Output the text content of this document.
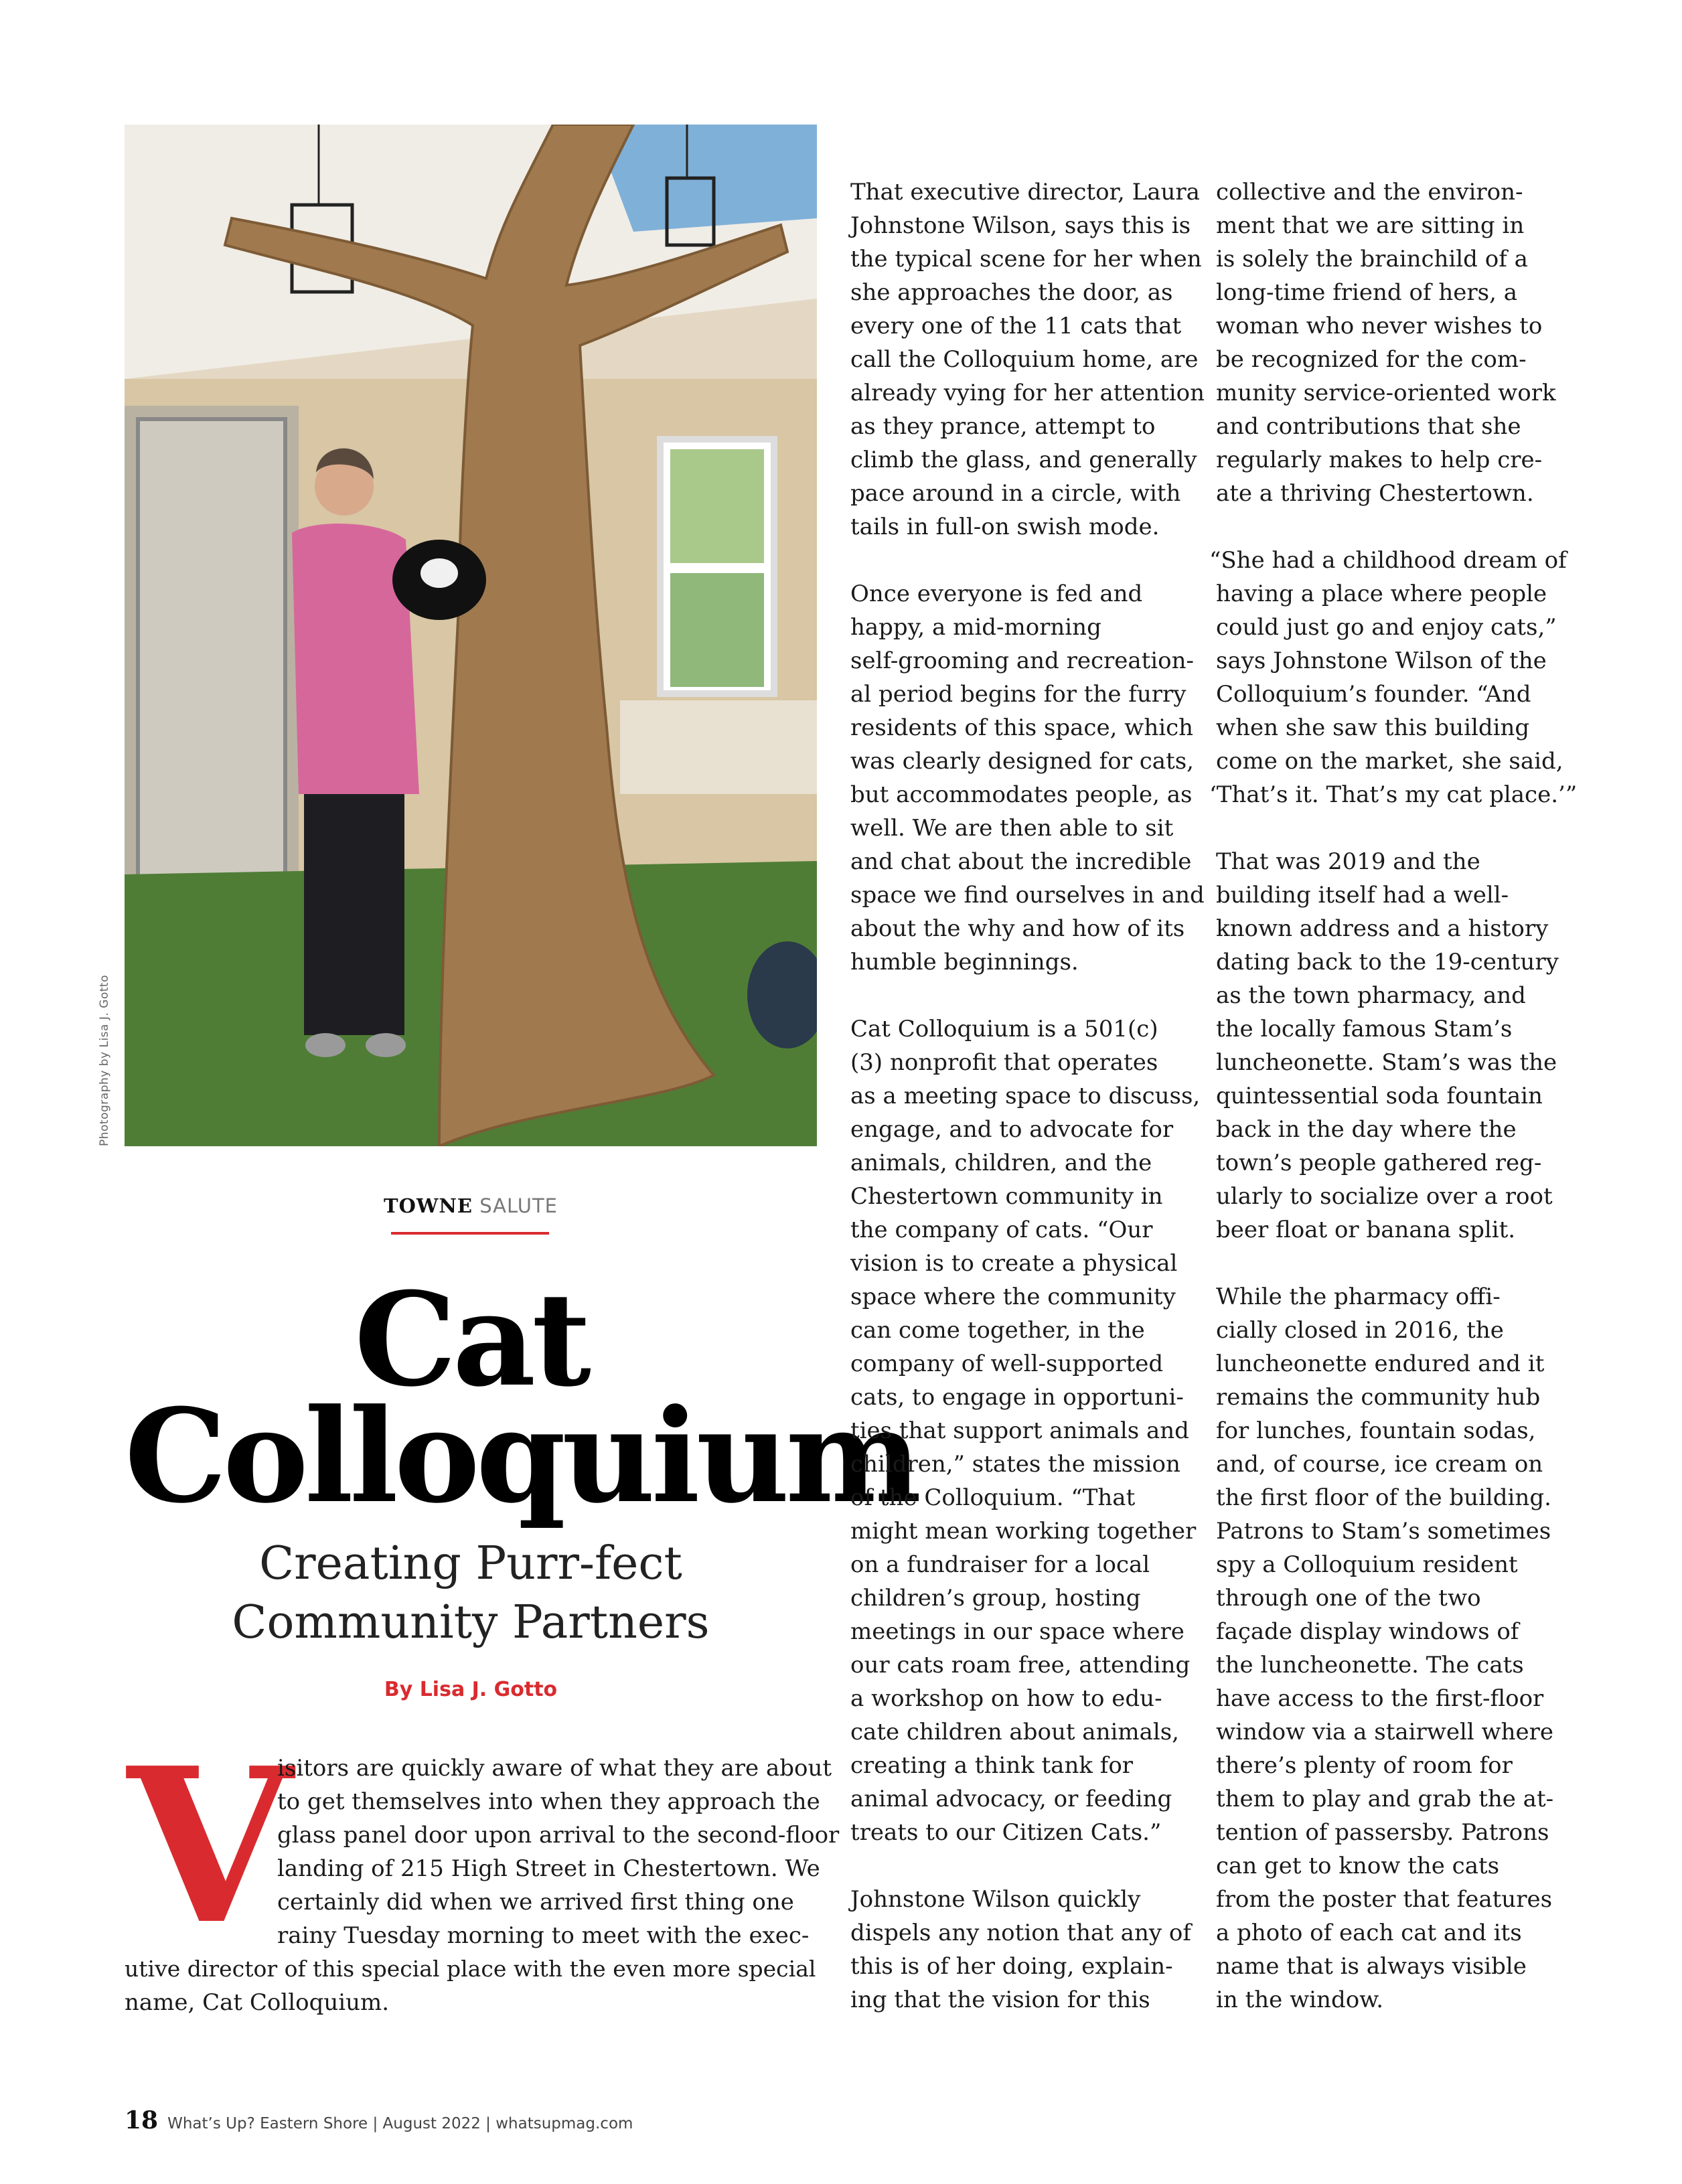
Photography by Lisa J. Gotto
TOWNE SALUTE
Cat
Colloquium
Creating Purr-fect
Community Partners
By Lisa J. Gotto
V
isitors are quickly aware of what they are about
to get themselves into when they approach the
glass panel door upon arrival to the second-floor
landing of 215 High Street in Chestertown. We
certainly did when we arrived first thing one
rainy Tuesday morning to meet with the exec-
utive director of this special place with the even more special
name, Cat Colloquium.
That executive director, Laura
Johnstone Wilson, says this is
the typical scene for her when
she approaches the door, as
every one of the 11 cats that
call the Colloquium home, are
already vying for her attention
as they prance, attempt to
climb the glass, and generally
pace around in a circle, with
tails in full-on swish mode.
Once everyone is fed and
happy, a mid-morning
self-grooming and recreation-
al period begins for the furry
residents of this space, which
was clearly designed for cats,
but accommodates people, as
well. We are then able to sit
and chat about the incredible
space we find ourselves in and
about the why and how of its
humble beginnings.
Cat Colloquium is a 501(c)
(3) nonprofit that operates
as a meeting space to discuss,
engage, and to advocate for
animals, children, and the
Chestertown community in
the company of cats. “Our
vision is to create a physical
space where the community
can come together, in the
company of well-supported
cats, to engage in opportuni-
ties that support animals and
children,” states the mission
of the Colloquium. “That
might mean working together
on a fundraiser for a local
children’s group, hosting
meetings in our space where
our cats roam free, attending
a workshop on how to edu-
cate children about animals,
creating a think tank for
animal advocacy, or feeding
treats to our Citizen Cats.”
Johnstone Wilson quickly
dispels any notion that any of
this is of her doing, explain-
ing that the vision for this
collective and the environ-
ment that we are sitting in
is solely the brainchild of a
long-time friend of hers, a
woman who never wishes to
be recognized for the com-
munity service-oriented work
and contributions that she
regularly makes to help cre-
ate a thriving Chestertown.
“She had a childhood dream of
having a place where people
could just go and enjoy cats,”
says Johnstone Wilson of the
Colloquium’s founder. “And
when she saw this building
come on the market, she said,
‘That’s it. That’s my cat place.’”
That was 2019 and the
building itself had a well-
known address and a history
dating back to the 19-century
as the town pharmacy, and
the locally famous Stam’s
luncheonette. Stam’s was the
quintessential soda fountain
back in the day where the
town’s people gathered reg-
ularly to socialize over a root
beer float or banana split.
While the pharmacy offi-
cially closed in 2016, the
luncheonette endured and it
remains the community hub
for lunches, fountain sodas,
and, of course, ice cream on
the first floor of the building.
Patrons to Stam’s sometimes
spy a Colloquium resident
through one of the two
façade display windows of
the luncheonette. The cats
have access to the first-floor
window via a stairwell where
there’s plenty of room for
them to play and grab the at-
tention of passersby. Patrons
can get to know the cats
from the poster that features
a photo of each cat and its
name that is always visible
in the window.
18 What’s Up? Eastern Shore | August 2022 | whatsupmag.com
